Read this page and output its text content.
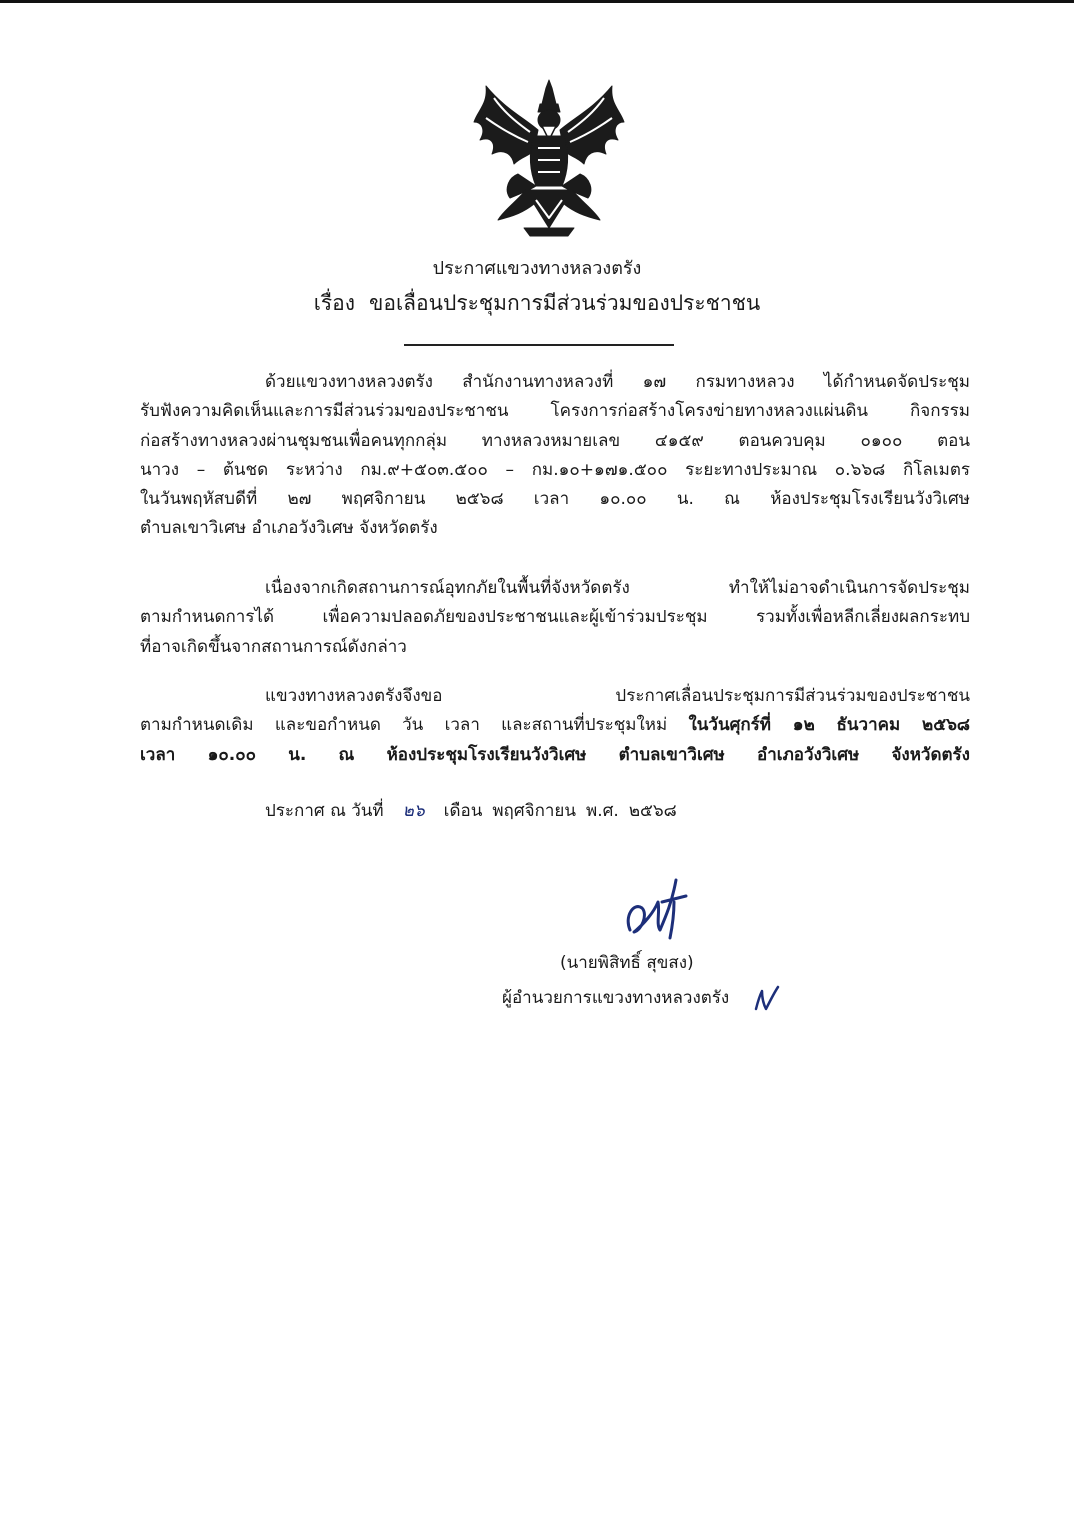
ประกาศแขวงทางหลวงตรัง
เรื่อง ขอเลื่อนประชุมการมีส่วนร่วมของประชาชน
ด้วยแขวงทางหลวงตรัง สำนักงานทางหลวงที่ ๑๗ กรมทางหลวง ได้กำหนดจัดประชุม
รับฟังความคิดเห็นและการมีส่วนร่วมของประชาชน โครงการก่อสร้างโครงข่ายทางหลวงแผ่นดิน กิจกรรม
ก่อสร้างทางหลวงผ่านชุมชนเพื่อคนทุกกลุ่ม ทางหลวงหมายเลข ๔๑๕๙ ตอนควบคุม ๐๑๐๐ ตอน
นาวง – ต้นชด ระหว่าง กม.๙+๕๐๓.๕๐๐ – กม.๑๐+๑๗๑.๕๐๐ ระยะทางประมาณ ๐.๖๖๘ กิโลเมตร
ในวันพฤหัสบดีที่ ๒๗ พฤศจิกายน ๒๕๖๘ เวลา ๑๐.๐๐ น. ณ ห้องประชุมโรงเรียนวังวิเศษ
ตำบลเขาวิเศษ อำเภอวังวิเศษ จังหวัดตรัง
เนื่องจากเกิดสถานการณ์อุทกภัยในพื้นที่จังหวัดตรัง ทำให้ไม่อาจดำเนินการจัดประชุม
ตามกำหนดการได้ เพื่อความปลอดภัยของประชาชนและผู้เข้าร่วมประชุม รวมทั้งเพื่อหลีกเลี่ยงผลกระทบ
ที่อาจเกิดขึ้นจากสถานการณ์ดังกล่าว
แขวงทางหลวงตรังจึงขอ ประกาศเลื่อนประชุมการมีส่วนร่วมของประชาชน
ตามกำหนดเดิม และขอกำหนด วัน เวลา และสถานที่ประชุมใหม่ ในวันศุกร์ที่ ๑๒ ธันวาคม ๒๕๖๘
เวลา ๑๐.๐๐ น. ณ ห้องประชุมโรงเรียนวังวิเศษ ตำบลเขาวิเศษ อำเภอวังวิเศษ จังหวัดตรัง
ประกาศ ณ วันที่ ๒๖ เดือน พฤศจิกายน พ.ศ. ๒๕๖๘
(นายพิสิทธิ์ สุขสง)
ผู้อำนวยการแขวงทางหลวงตรัง
